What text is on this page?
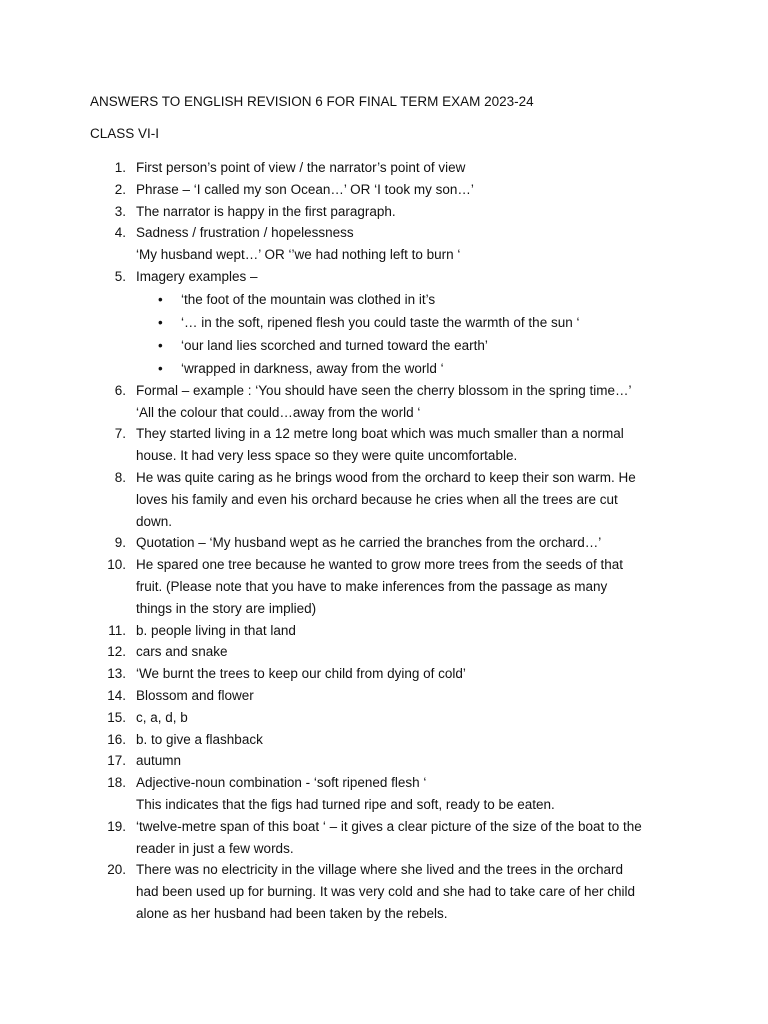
ANSWERS TO ENGLISH REVISION 6 FOR FINAL TERM EXAM 2023-24
CLASS VI-I
1. First person’s point of view / the narrator’s point of view
2. Phrase – ‘I called my son Ocean…’ OR ‘I took my son…’
3. The narrator is happy in the first paragraph.
4. Sadness / frustration / hopelessness
‘My husband wept…’ OR ‘’we had nothing left to burn ‘
5. Imagery examples –
• ‘the foot of the mountain was clothed in it’s
• ‘… in the soft, ripened flesh you could taste the warmth of the sun ‘
• ‘our land lies scorched and turned toward the earth’
• ‘wrapped in darkness, away from the world ‘
6. Formal – example : ‘You should have seen the cherry blossom in the spring time…’
‘All the colour that could…away from the world ‘
7. They started living in a 12 metre long boat which was much smaller than a normal
house. It had very less space so they were quite uncomfortable.
8. He was quite caring as he brings wood from the orchard to keep their son warm. He
loves his family and even his orchard because he cries when all the trees are cut
down.
9. Quotation – ‘My husband wept as he carried the branches from the orchard…’
10. He spared one tree because he wanted to grow more trees from the seeds of that
fruit. (Please note that you have to make inferences from the passage as many
things in the story are implied)
11. b. people living in that land
12. cars and snake
13. ‘We burnt the trees to keep our child from dying of cold’
14. Blossom and flower
15. c, a, d, b
16. b. to give a flashback
17. autumn
18. Adjective-noun combination - ‘soft ripened flesh ‘
This indicates that the figs had turned ripe and soft, ready to be eaten.
19. ‘twelve-metre span of this boat ‘ – it gives a clear picture of the size of the boat to the
reader in just a few words.
20. There was no electricity in the village where she lived and the trees in the orchard
had been used up for burning. It was very cold and she had to take care of her child
alone as her husband had been taken by the rebels.
